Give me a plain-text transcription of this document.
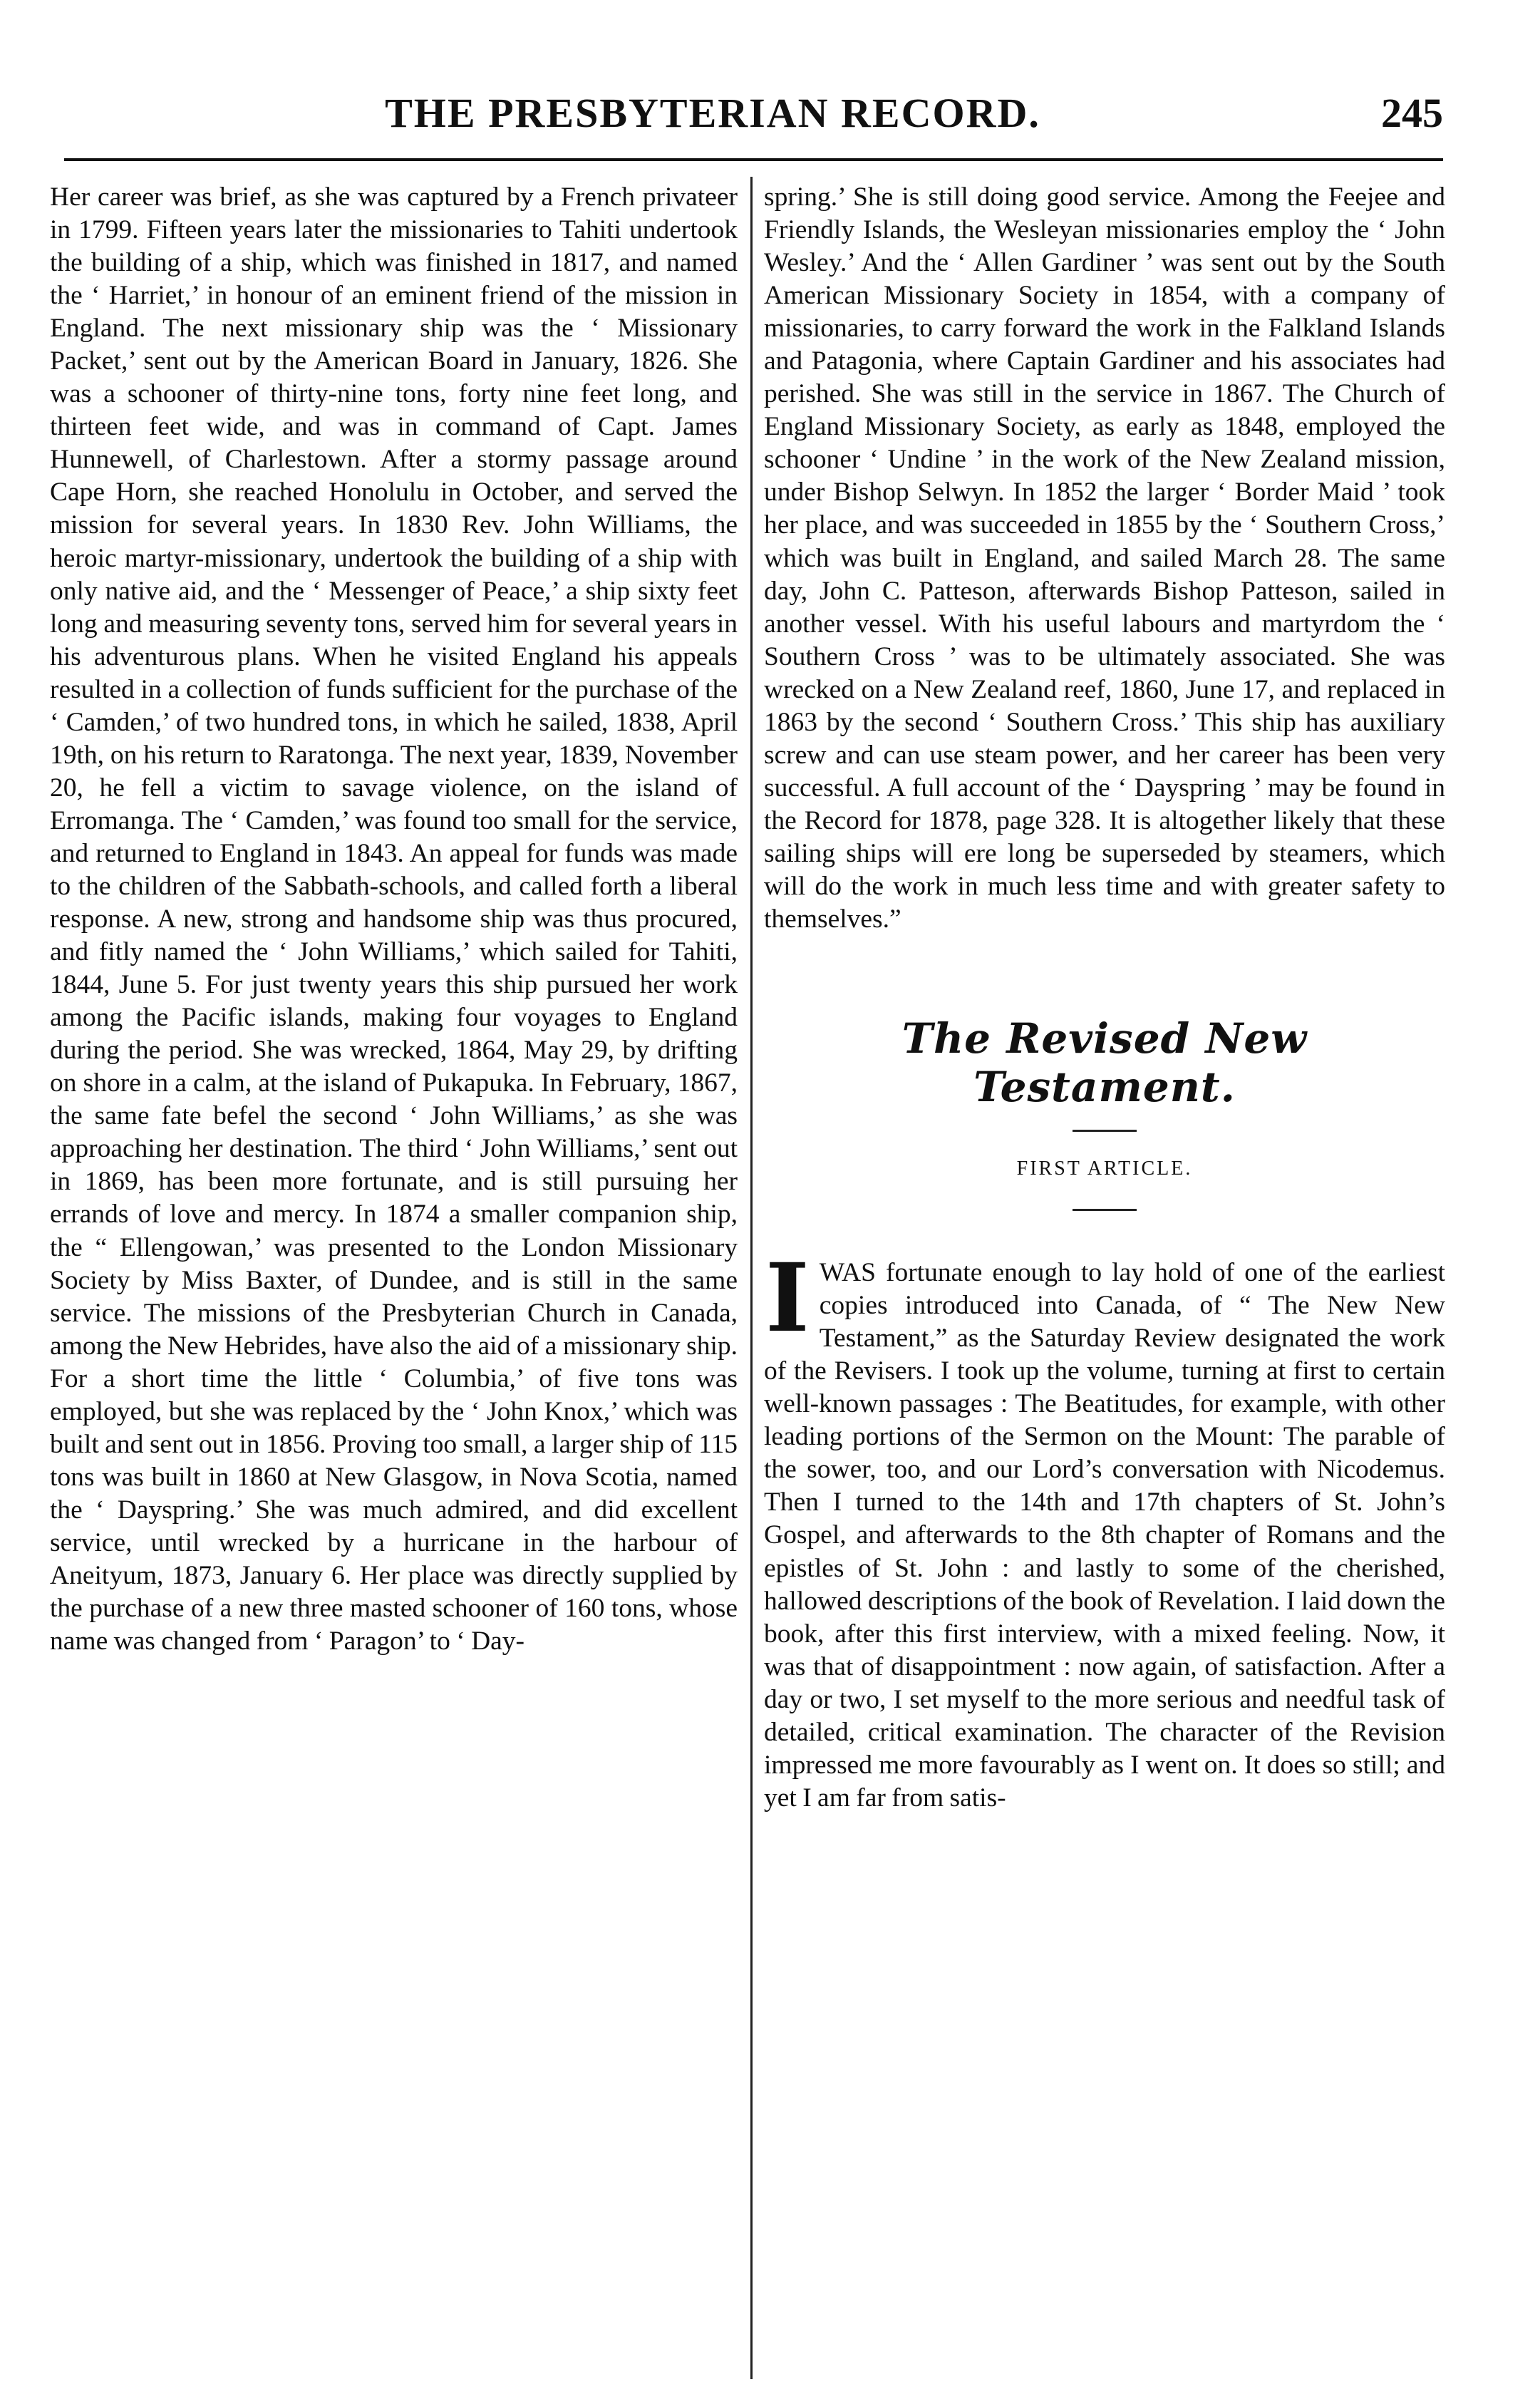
THE PRESBYTERIAN RECORD.	245

Her career was brief, as she was captured by a French privateer in 1799. Fifteen years later the missionaries to Tahiti undertook the building of a ship, which was finished in 1817, and named the ‘ Harriet,’ in honour of an eminent friend of the mission in England. The next missionary ship was the ‘ Missionary Packet,’ sent out by the American Board in January, 1826. She was a schooner of thirty-nine tons, forty nine feet long, and thirteen feet wide, and was in command of Capt. James Hunnewell, of Charlestown. After a stormy passage around Cape Horn, she reached Honolulu in October, and served the mission for several years. In 1830 Rev. John Williams, the heroic martyr-missionary, undertook the building of a ship with only native aid, and the ‘ Messenger of Peace,’ a ship sixty feet long and measuring seventy tons, served him for several years in his adventurous plans. When he visited England his appeals resulted in a collection of funds sufficient for the purchase of the ‘ Camden,’ of two hundred tons, in which he sailed, 1838, April 19th, on his return to Raratonga. The next year, 1839, November 20, he fell a victim to savage violence, on the island of Erromanga. The ‘ Camden,’ was found too small for the service, and returned to England in 1843. An appeal for funds was made to the children of the Sabbath-schools, and called forth a liberal response. A new, strong and handsome ship was thus procured, and fitly named the ‘ John Williams,’ which sailed for Tahiti, 1844, June 5. For just twenty years this ship pursued her work among the Pacific islands, making four voyages to England during the period. She was wrecked, 1864, May 29, by drifting on shore in a calm, at the island of Pukapuka. In February, 1867, the same fate befel the second ‘ John Williams,’ as she was approaching her destination. The third ‘ John Williams,’ sent out in 1869, has been more fortunate, and is still pursuing her errands of love and mercy. In 1874 a smaller companion ship, the “ Ellengowan,’ was presented to the London Missionary Society by Miss Baxter, of Dundee, and is still in the same service. The missions of the Presbyterian Church in Canada, among the New Hebrides, have also the aid of a missionary ship. For a short time the little ‘ Columbia,’ of five tons was employed, but she was replaced by the ‘ John Knox,’ which was built and sent out in 1856. Proving too small, a larger ship of 115 tons was built in 1860 at New Glasgow, in Nova Scotia, named the ‘ Dayspring.’ She was much admired, and did excellent service, until wrecked by a hurricane in the harbour of Aneityum, 1873, January 6. Her place was directly supplied by the purchase of a new three masted schooner of 160 tons, whose name was changed from ‘ Paragon’ to ‘ Day-

spring.’ She is still doing good service. Among the Feejee and Friendly Islands, the Wesleyan missionaries employ the ‘ John Wesley.’ And the ‘ Allen Gardiner ’ was sent out by the South American Missionary Society in 1854, with a company of missionaries, to carry forward the work in the Falkland Islands and Patagonia, where Captain Gardiner and his associates had perished. She was still in the service in 1867. The Church of England Missionary Society, as early as 1848, employed the schooner ‘ Undine ’ in the work of the New Zealand mission, under Bishop Selwyn. In 1852 the larger ‘ Border Maid ’ took her place, and was succeeded in 1855 by the ‘ Southern Cross,’ which was built in England, and sailed March 28. The same day, John C. Patteson, afterwards Bishop Patteson, sailed in another vessel. With his useful labours and martyrdom the ‘ Southern Cross ’ was to be ultimately associated. She was wrecked on a New Zealand reef, 1860, June 17, and replaced in 1863 by the second ‘ Southern Cross.’ This ship has auxiliary screw and can use steam power, and her career has been very successful. A full account of the ‘ Dayspring ’ may be found in the Record for 1878, page 328. It is altogether likely that these sailing ships will ere long be superseded by steamers, which will do the work in much less time and with greater safety to themselves.”

The Revised New Testament.
FIRST ARTICLE.

IWAS fortunate enough to lay hold of one of the earliest copies introduced into Canada, of “ The New New Testament,” as the Saturday Review designated the work of the Revisers. I took up the volume, turning at first to certain well-known passages : The Beatitudes, for example, with other leading portions of the Sermon on the Mount: The parable of the sower, too, and our Lord’s conversation with Nicodemus. Then I turned to the 14th and 17th chapters of St. John’s Gospel, and afterwards to the 8th chapter of Romans and the epistles of St. John : and lastly to some of the cherished, hallowed descriptions of the book of Revelation. I laid down the book, after this first interview, with a mixed feeling. Now, it was that of disappointment : now again, of satisfaction. After a day or two, I set myself to the more serious and needful task of detailed, critical examination. The character of the Revision impressed me more favourably as I went on. It does so still; and yet I am far from satis-
